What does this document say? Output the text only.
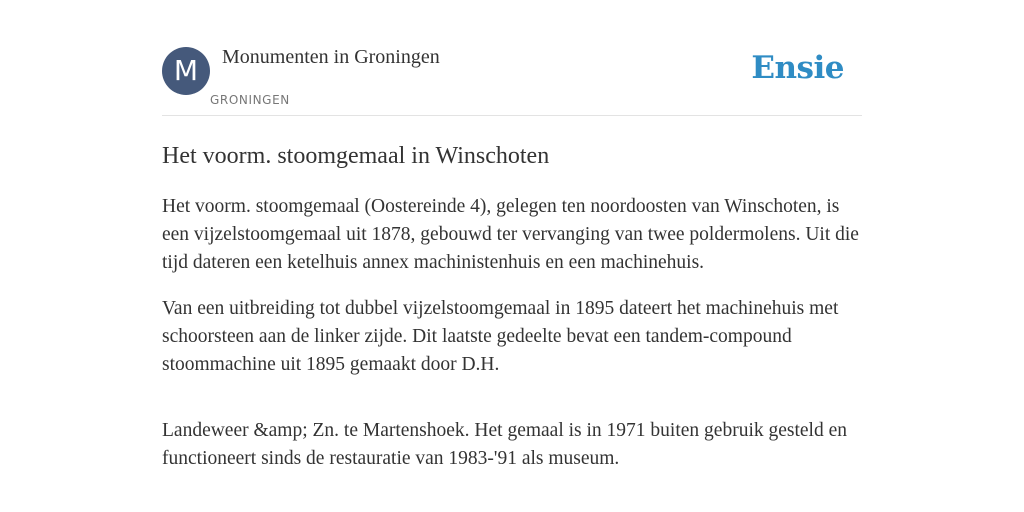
M	Monumenten in Groningen
GRONINGEN
Ensie
Het voorm. stoomgemaal in Winschoten

Het voorm. stoomgemaal (Oostereinde 4), gelegen ten noordoosten van Winschoten, is een vijzelstoomgemaal uit 1878, gebouwd ter vervanging van twee poldermolens. Uit die tijd dateren een ketelhuis annex machinistenhuis en een machinehuis.

Van een uitbreiding tot dubbel vijzelstoomgemaal in 1895 dateert het machinehuis met schoorsteen aan de linker zijde. Dit laatste gedeelte bevat een tandem-compound stoommachine uit 1895 gemaakt door D.H.

Landeweer &amp; Zn. te Martenshoek. Het gemaal is in 1971 buiten gebruik gesteld en functioneert sinds de restauratie van 1983-'91 als museum.
